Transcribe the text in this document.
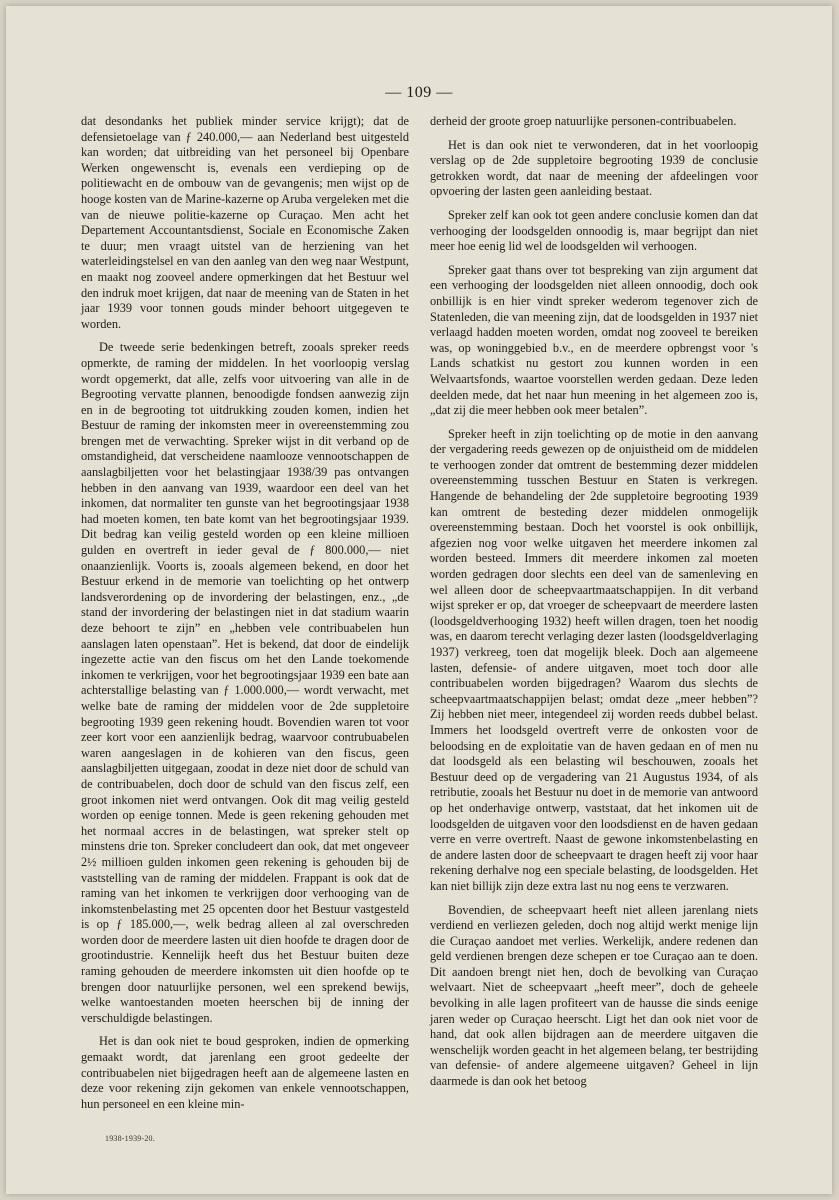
— 109 —

dat desondanks het publiek minder service krijgt); dat de defensietoelage van ƒ 240.000,— aan Nederland best uitgesteld kan worden; dat uitbreiding van het personeel bij Openbare Werken ongewenscht is, evenals een verdieping op de politiewacht en de ombouw van de gevangenis; men wijst op de hooge kosten van de Marine-kazerne op Aruba vergeleken met die van de nieuwe politie-kazerne op Curaçao. Men acht het Departement Accountantsdienst, Sociale en Economische Zaken te duur; men vraagt uitstel van de herziening van het waterleidingstelsel en van den aanleg van den weg naar Westpunt, en maakt nog zooveel andere opmerkingen dat het Bestuur wel den indruk moet krijgen, dat naar de meening van de Staten in het jaar 1939 voor tonnen gouds minder behoort uitgegeven te worden.

De tweede serie bedenkingen betreft, zooals spreker reeds opmerkte, de raming der middelen. In het voorloopig verslag wordt opgemerkt, dat alle, zelfs voor uitvoering van alle in de Begrooting vervatte plannen, benoodigde fondsen aanwezig zijn en in de begrooting tot uitdrukking zouden komen, indien het Bestuur de raming der inkomsten meer in overeenstemming zou brengen met de verwachting. Spreker wijst in dit verband op de omstandigheid, dat verscheidene naamlooze vennootschappen de aanslagbiljetten voor het belastingjaar 1938/39 pas ontvangen hebben in den aanvang van 1939, waardoor een deel van het inkomen, dat normaliter ten gunste van het begrootingsjaar 1938 had moeten komen, ten bate komt van het begrootingsjaar 1939. Dit bedrag kan veilig gesteld worden op een kleine millioen gulden en overtreft in ieder geval de ƒ 800.000,— niet onaanzienlijk. Voorts is, zooals algemeen bekend, en door het Bestuur erkend in de memorie van toelichting op het ontwerp landsverordening op de invordering der belastingen, enz., „de stand der invordering der belastingen niet in dat stadium waarin deze behoort te zijn” en „hebben vele contribuabelen hun aanslagen laten openstaan”. Het is bekend, dat door de eindelijk ingezette actie van den fiscus om het den Lande toekomende inkomen te verkrijgen, voor het begrootingsjaar 1939 een bate aan achterstallige belasting van ƒ 1.000.000,— wordt verwacht, met welke bate de raming der middelen voor de 2de suppletoire begrooting 1939 geen rekening houdt. Bovendien waren tot voor zeer kort voor een aanzienlijk bedrag, waarvoor contrubuabelen waren aangeslagen in de kohieren van den fiscus, geen aanslagbiljetten uitgegaan, zoodat in deze niet door de schuld van de contribuabelen, doch door de schuld van den fiscus zelf, een groot inkomen niet werd ontvangen. Ook dit mag veilig gesteld worden op eenige tonnen. Mede is geen rekening gehouden met het normaal accres in de belastingen, wat spreker stelt op minstens drie ton. Spreker concludeert dan ook, dat met ongeveer 2½ millioen gulden inkomen geen rekening is gehouden bij de vaststelling van de raming der middelen. Frappant is ook dat de raming van het inkomen te verkrijgen door verhooging van de inkomstenbelasting met 25 opcenten door het Bestuur vastgesteld is op ƒ 185.000,—, welk bedrag alleen al zal overschreden worden door de meerdere lasten uit dien hoofde te dragen door de grootindustrie. Kennelijk heeft dus het Bestuur buiten deze raming gehouden de meerdere inkomsten uit dien hoofde op te brengen door natuurlijke personen, wel een sprekend bewijs, welke wantoestanden moeten heerschen bij de inning der verschuldigde belastingen.

Het is dan ook niet te boud gesproken, indien de opmerking gemaakt wordt, dat jarenlang een groot gedeelte der contribuabelen niet bijgedragen heeft aan de algemeene lasten en deze voor rekening zijn gekomen van enkele vennootschappen, hun personeel en een kleine min-

derheid der groote groep natuurlijke personen-contribuabelen.

Het is dan ook niet te verwonderen, dat in het voorloopig verslag op de 2de suppletoire begrooting 1939 de conclusie getrokken wordt, dat naar de meening der afdeelingen voor opvoering der lasten geen aanleiding bestaat.

Spreker zelf kan ook tot geen andere conclusie komen dan dat verhooging der loodsgelden onnoodig is, maar begrijpt dan niet meer hoe eenig lid wel de loodsgelden wil verhoogen.

Spreker gaat thans over tot bespreking van zijn argument dat een verhooging der loodsgelden niet alleen onnoodig, doch ook onbillijk is en hier vindt spreker wederom tegenover zich de Statenleden, die van meening zijn, dat de loodsgelden in 1937 niet verlaagd hadden moeten worden, omdat nog zooveel te bereiken was, op woninggebied b.v., en de meerdere opbrengst voor 's Lands schatkist nu gestort zou kunnen worden in een Welvaartsfonds, waartoe voorstellen werden gedaan. Deze leden deelden mede, dat het naar hun meening in het algemeen zoo is, „dat zij die meer hebben ook meer betalen”.

Spreker heeft in zijn toelichting op de motie in den aanvang der vergadering reeds gewezen op de onjuistheid om de middelen te verhoogen zonder dat omtrent de bestemming dezer middelen overeenstemming tusschen Bestuur en Staten is verkregen. Hangende de behandeling der 2de suppletoire begrooting 1939 kan omtrent de besteding dezer middelen onmogelijk overeenstemming bestaan. Doch het voorstel is ook onbillijk, afgezien nog voor welke uitgaven het meerdere inkomen zal worden besteed. Immers dit meerdere inkomen zal moeten worden gedragen door slechts een deel van de samenleving en wel alleen door de scheepvaartmaatschappijen. In dit verband wijst spreker er op, dat vroeger de scheepvaart de meerdere lasten (loodsgeldverhooging 1932) heeft willen dragen, toen het noodig was, en daarom terecht verlaging dezer lasten (loodsgeldverlaging 1937) verkreeg, toen dat mogelijk bleek. Doch aan algemeene lasten, defensie- of andere uitgaven, moet toch door alle contribuabelen worden bijgedragen? Waarom dus slechts de scheepvaartmaatschappijen belast; omdat deze „meer hebben”? Zij hebben niet meer, integendeel zij worden reeds dubbel belast. Immers het loodsgeld overtreft verre de onkosten voor de beloodsing en de exploitatie van de haven gedaan en of men nu dat loodsgeld als een belasting wil beschouwen, zooals het Bestuur deed op de vergadering van 21 Augustus 1934, of als retributie, zooals het Bestuur nu doet in de memorie van antwoord op het onderhavige ontwerp, vaststaat, dat het inkomen uit de loodsgelden de uitgaven voor den loodsdienst en de haven gedaan verre en verre overtreft. Naast de gewone inkomstenbelasting en de andere lasten door de scheepvaart te dragen heeft zij voor haar rekening derhalve nog een speciale belasting, de loodsgelden. Het kan niet billijk zijn deze extra last nu nog eens te verzwaren.

Bovendien, de scheepvaart heeft niet alleen jarenlang niets verdiend en verliezen geleden, doch nog altijd werkt menige lijn die Curaçao aandoet met verlies. Werkelijk, andere redenen dan geld verdienen brengen deze schepen er toe Curaçao aan te doen. Dit aandoen brengt niet hen, doch de bevolking van Curaçao welvaart. Niet de scheepvaart „heeft meer”, doch de geheele bevolking in alle lagen profiteert van de hausse die sinds eenige jaren weder op Curaçao heerscht. Ligt het dan ook niet voor de hand, dat ook allen bijdragen aan de meerdere uitgaven die wenschelijk worden geacht in het algemeen belang, ter bestrijding van defensie- of andere algemeene uitgaven? Geheel in lijn daarmede is dan ook het betoog

1938-1939-20.
